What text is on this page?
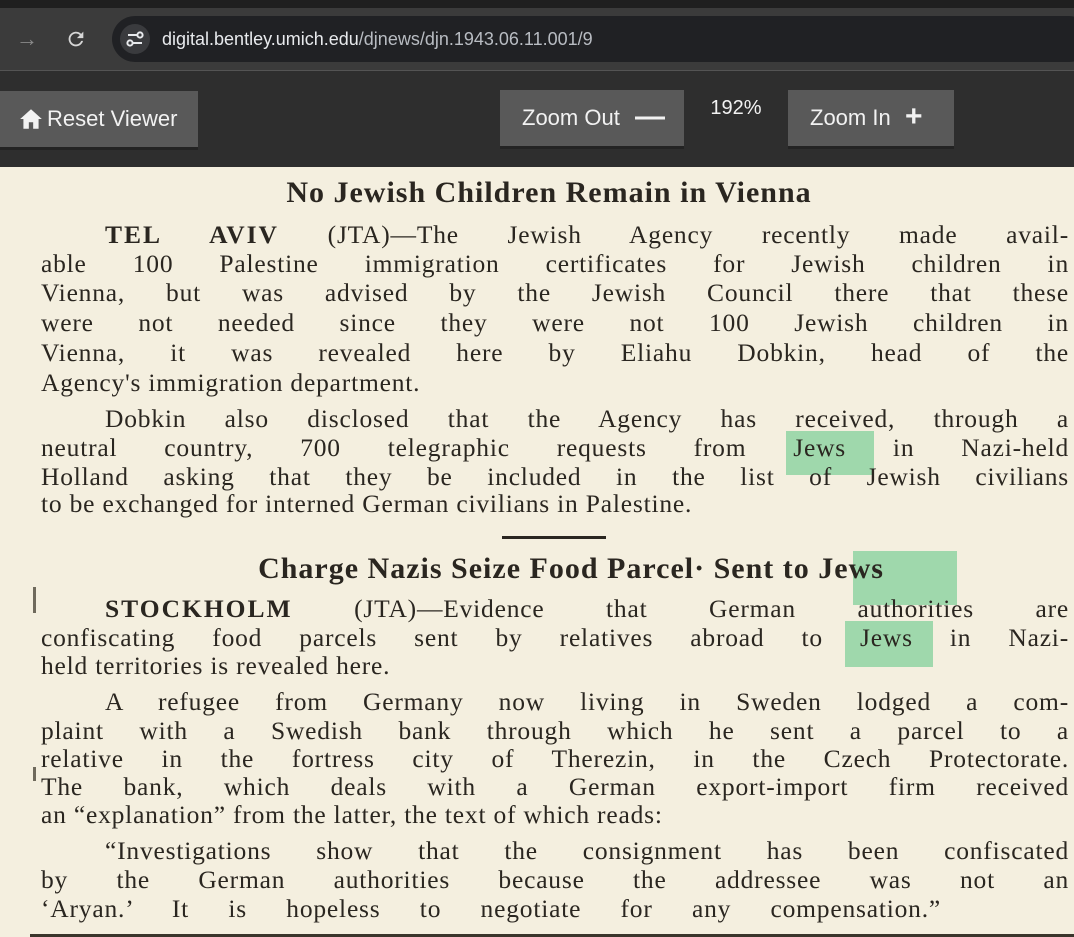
→	digital.bentley.umich.edu/djnews/djn.1943.06.11.001/9
Reset Viewer	Zoom Out —	192%	Zoom In +
No Jewish Children Remain in Vienna
TEL AVIV (JTA)—The Jewish Agency recently made avail-
able 100 Palestine immigration certificates for Jewish children in
Vienna, but was advised by the Jewish Council there that these
were not needed since they were not 100 Jewish children in
Vienna, it was revealed here by Eliahu Dobkin, head of the
Agency's immigration department.
Dobkin also disclosed that the Agency has received, through a
neutral country, 700 telegraphic requests from Jews in Nazi-held
Holland asking that they be included in the list of Jewish civilians
to be exchanged for interned German civilians in Palestine.
Charge Nazis Seize Food Parcel· Sent to Jews
STOCKHOLM (JTA)—Evidence that German authorities are
confiscating food parcels sent by relatives abroad to Jews in Nazi-
held territories is revealed here.
A refugee from Germany now living in Sweden lodged a com-
plaint with a Swedish bank through which he sent a parcel to a
relative in the fortress city of Therezin, in the Czech Protectorate.
The bank, which deals with a German export-import firm received
an “explanation” from the latter, the text of which reads:
“Investigations show that the consignment has been confiscated
by the German authorities because the addressee was not an
‘Aryan.’ It is hopeless to negotiate for any compensation.”
